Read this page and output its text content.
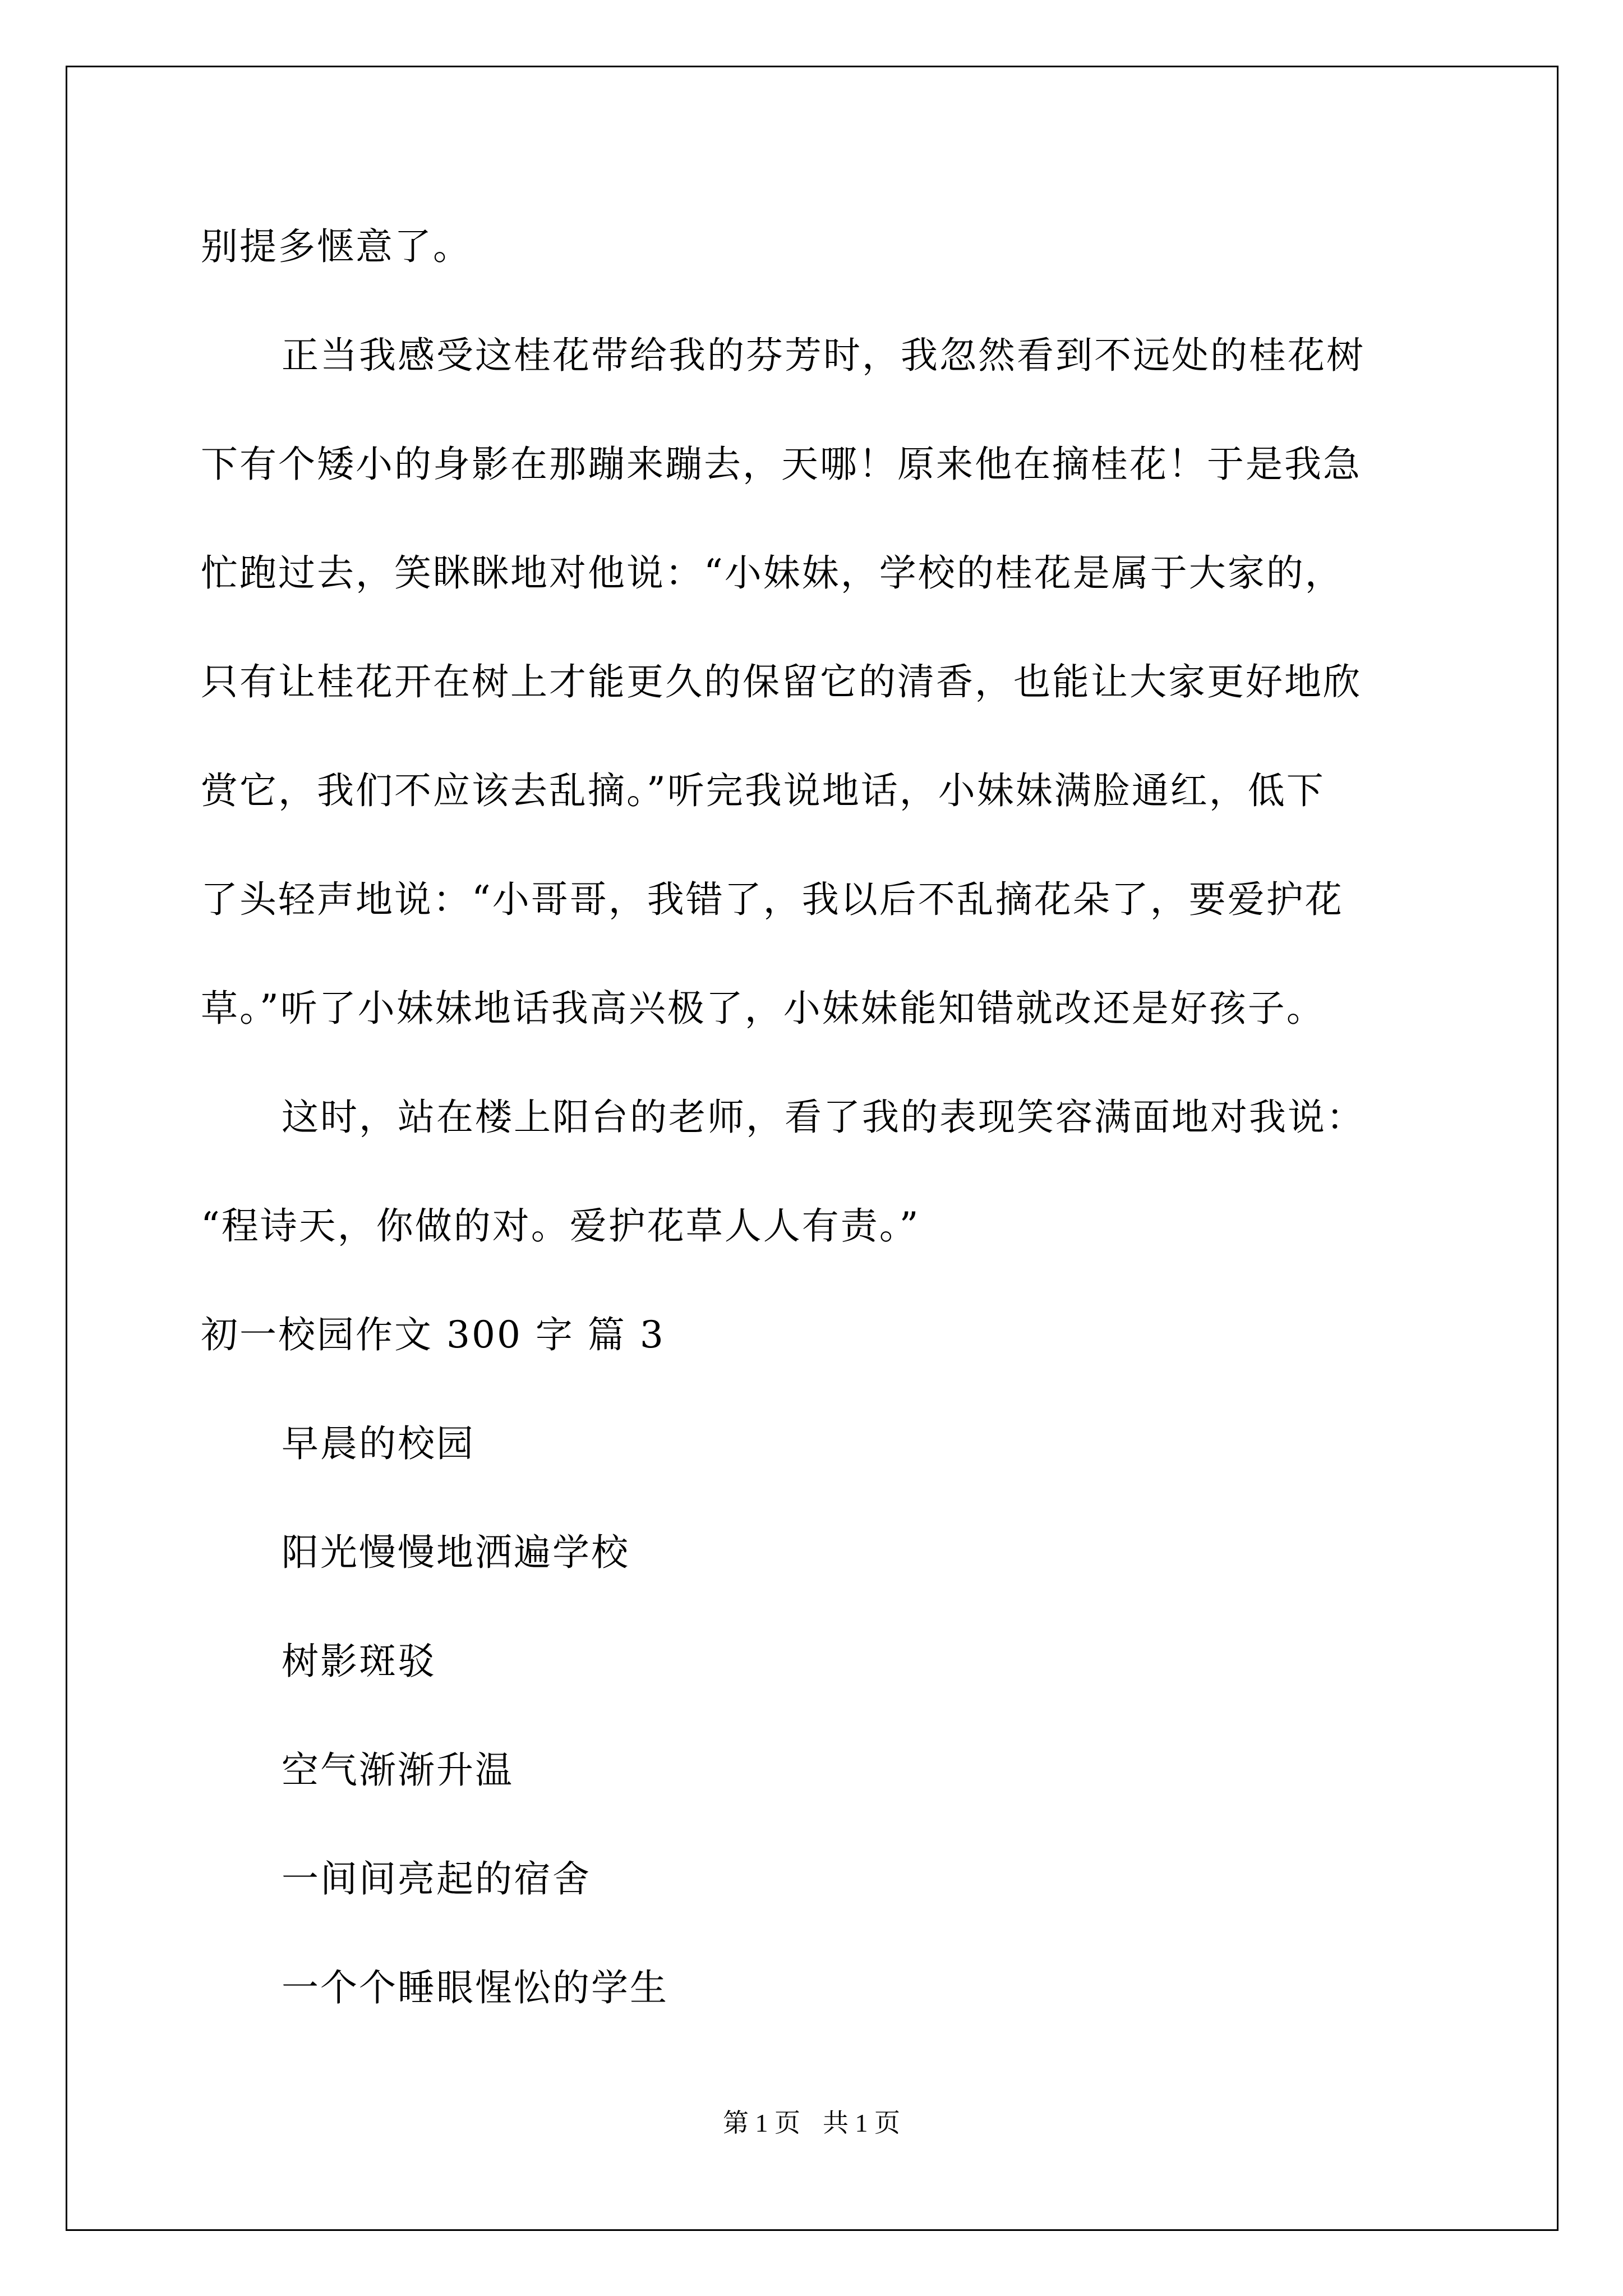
别提多惬意了。
正当我感受这桂花带给我的芬芳时，我忽然看到不远处的桂花树
下有个矮小的身影在那蹦来蹦去，天哪！原来他在摘桂花！于是我急
忙跑过去，笑眯眯地对他说：“小妹妹，学校的桂花是属于大家的，
只有让桂花开在树上才能更久的保留它的清香，也能让大家更好地欣
赏它，我们不应该去乱摘。”听完我说地话，小妹妹满脸通红，低下
了头轻声地说：“小哥哥，我错了，我以后不乱摘花朵了，要爱护花
草。”听了小妹妹地话我高兴极了，小妹妹能知错就改还是好孩子。
这时，站在楼上阳台的老师，看了我的表现笑容满面地对我说：
“程诗天，你做的对。爱护花草人人有责。”
初一校园作文 300 字 篇 3
早晨的校园
阳光慢慢地洒遍学校
树影斑驳
空气渐渐升温
一间间亮起的宿舍
一个个睡眼惺忪的学生
第 1 页 共 1 页
